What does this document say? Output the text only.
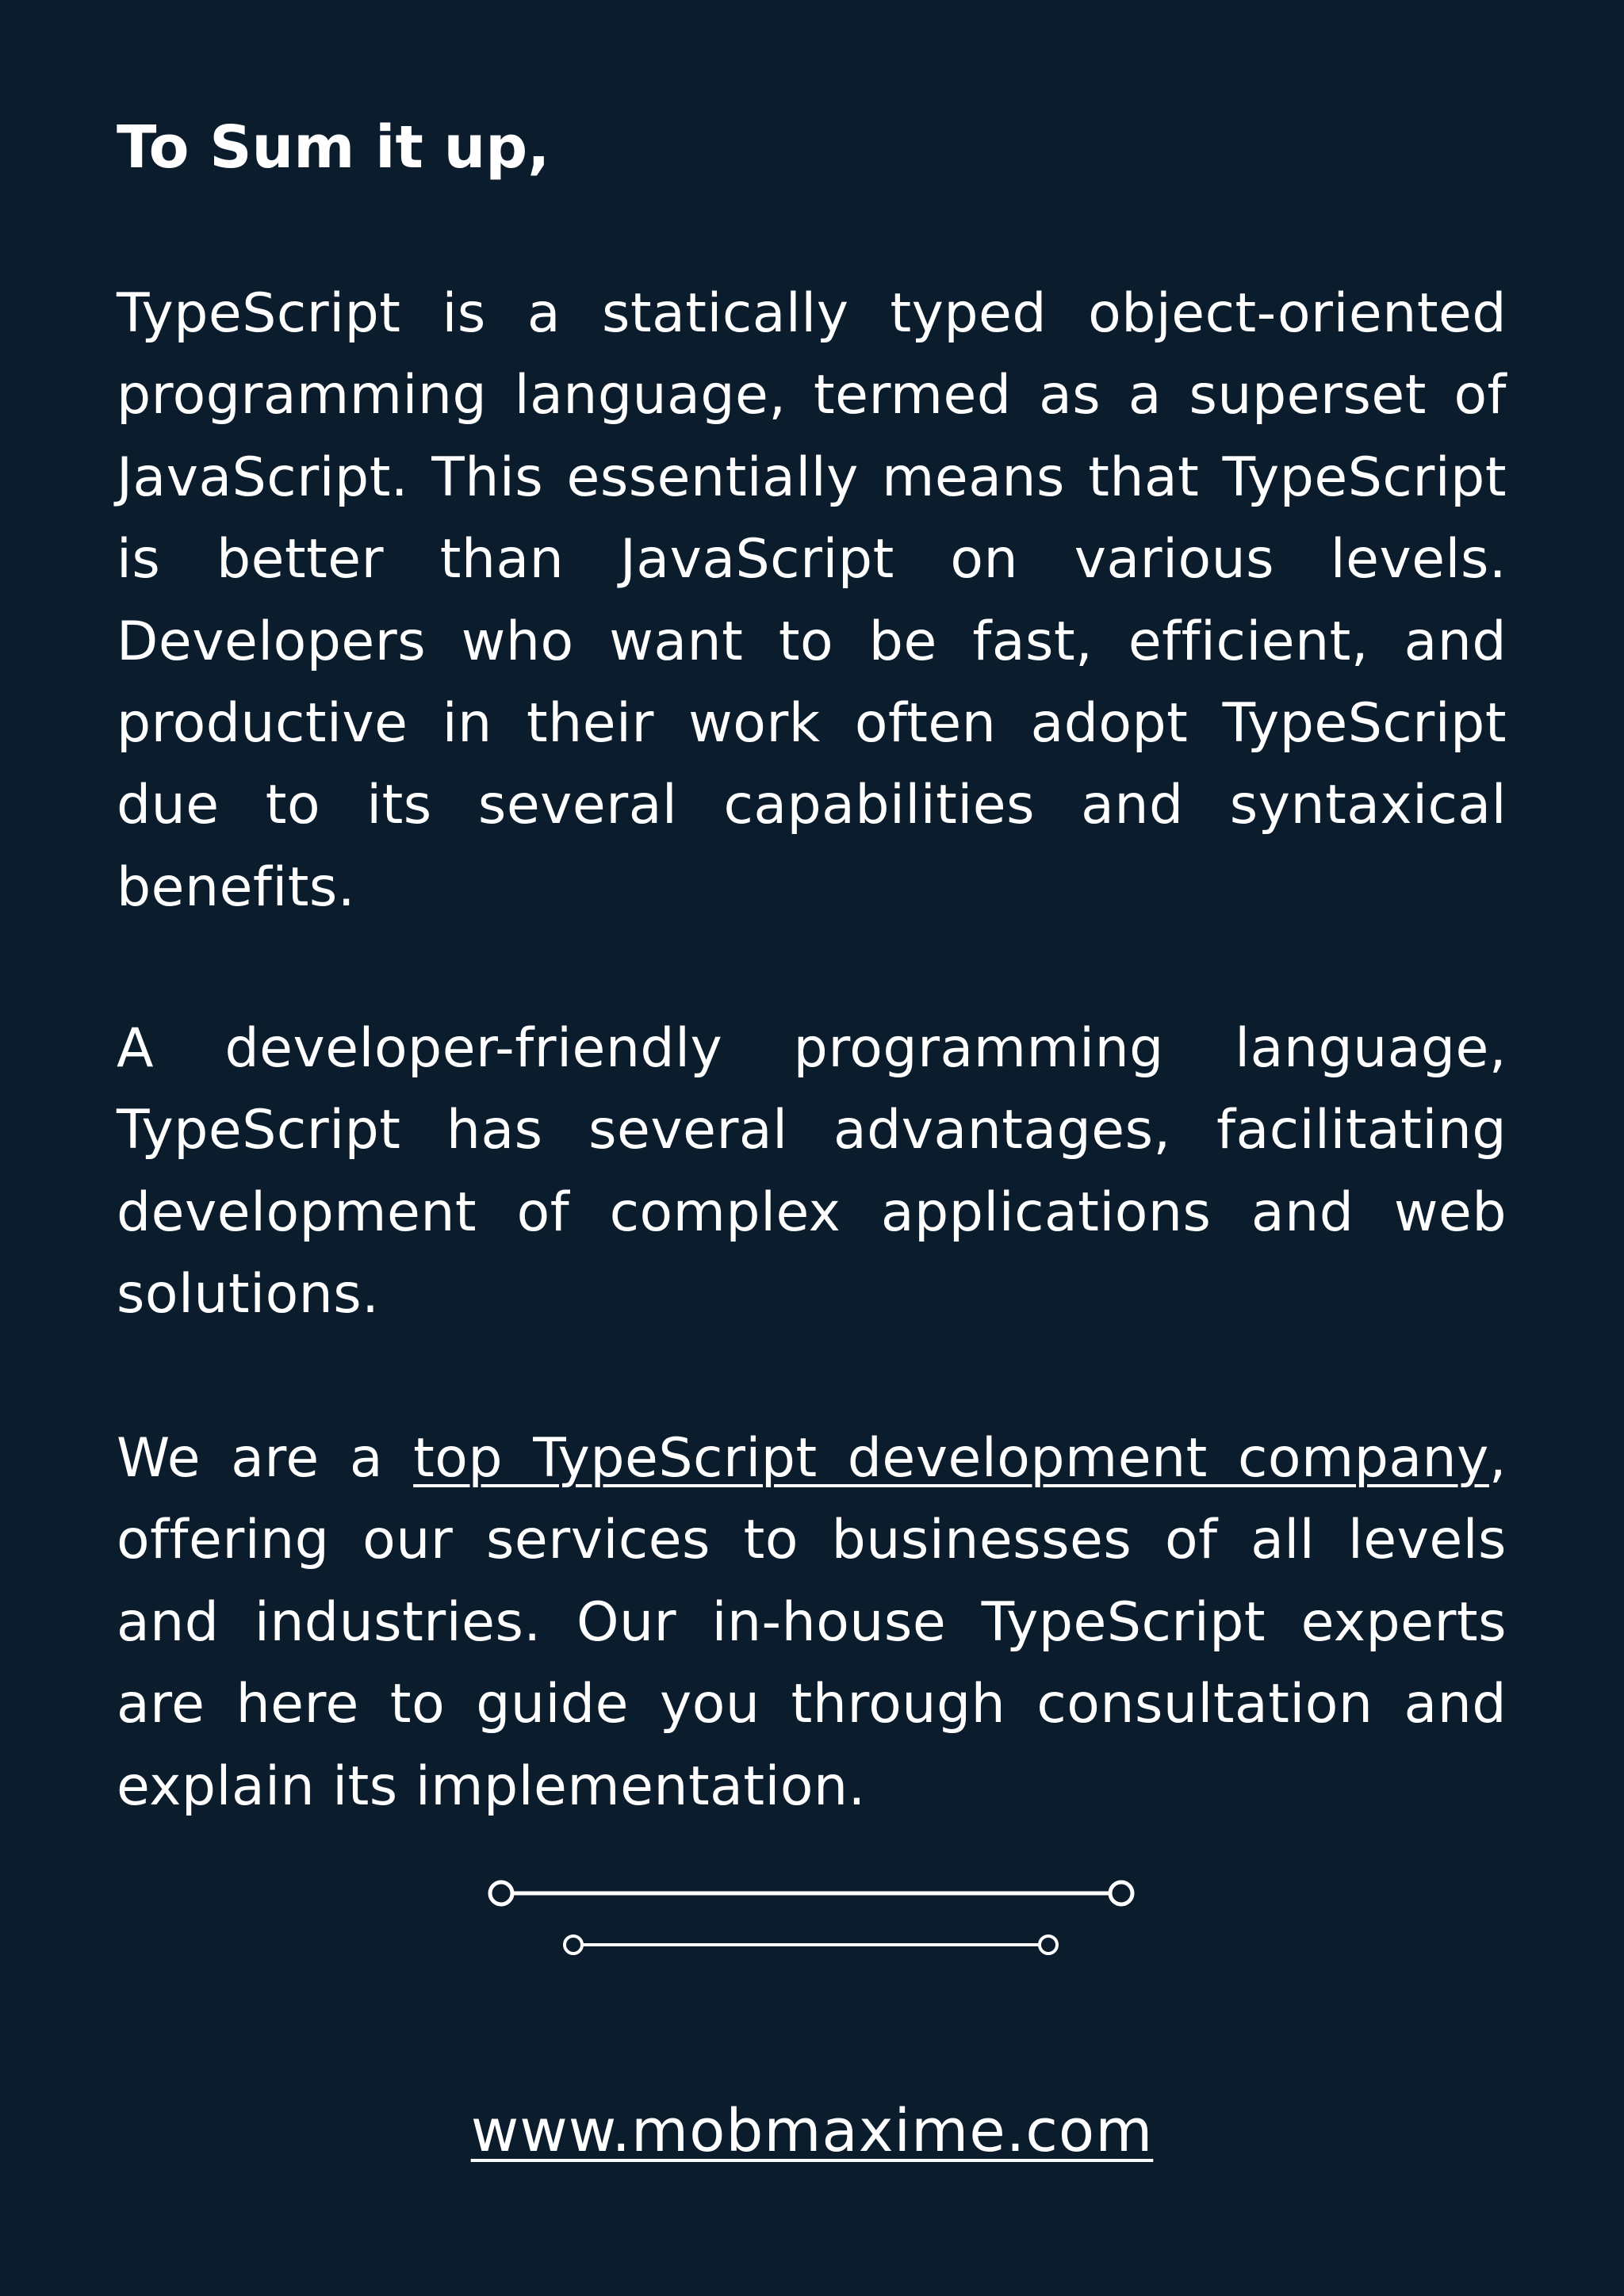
To Sum it up,

TypeScript is a statically typed object-oriented programming language, termed as a superset of JavaScript. This essentially means that TypeScript is better than JavaScript on various levels. Developers who want to be fast, efficient, and productive in their work often adopt TypeScript due to its several capabilities and syntaxical benefits.

A developer-friendly programming language, TypeScript has several advantages, facilitating development of complex applications and web solutions.

We are a top TypeScript development company, offering our services to businesses of all levels and industries. Our in-house TypeScript experts are here to guide you through consultation and explain its implementation.

www.mobmaxime.com
